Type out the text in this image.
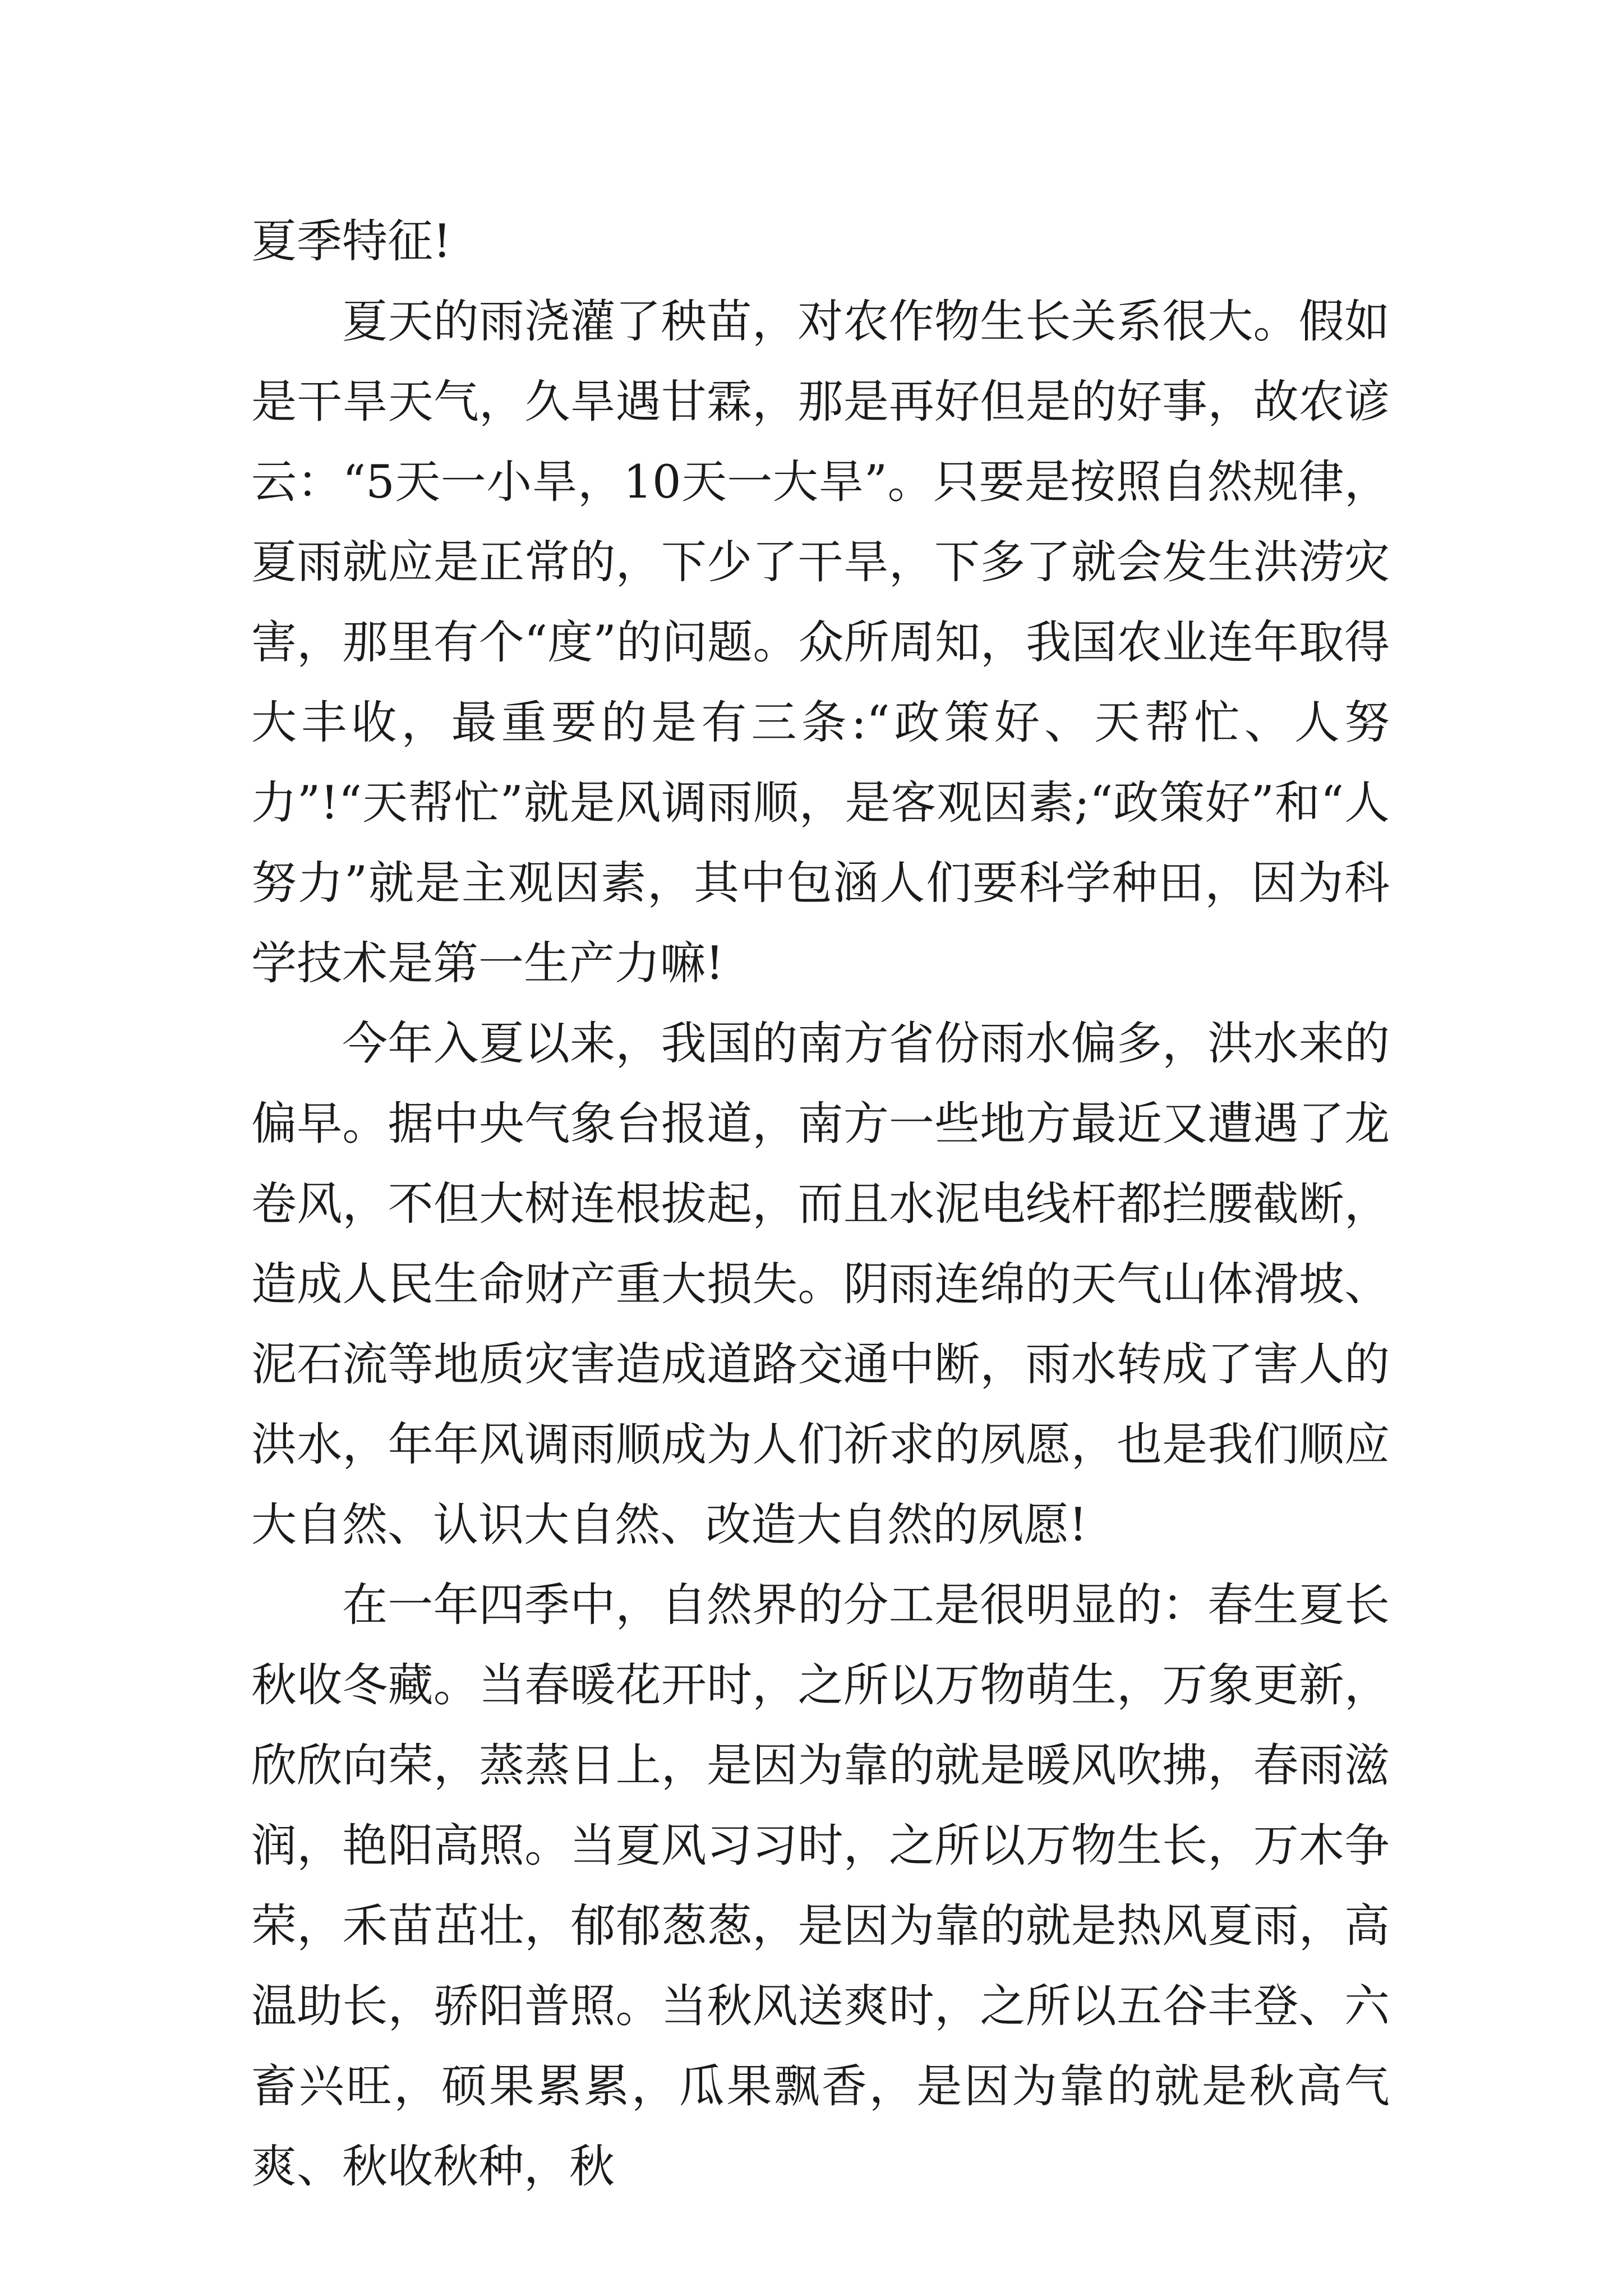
夏季特征!

夏天的雨浇灌了秧苗，对农作物生长关系很大。假如是干旱天气，久旱遇甘霖，那是再好但是的好事，故农谚云：“5天一小旱，10天一大旱”。只要是按照自然规律，夏雨就应是正常的，下少了干旱，下多了就会发生洪涝灾害，那里有个“度”的问题。众所周知，我国农业连年取得大丰收，最重要的是有三条:“政策好、天帮忙、人努力”!“天帮忙”就是风调雨顺，是客观因素;“政策好”和“人努力”就是主观因素，其中包涵人们要科学种田，因为科学技术是第一生产力嘛!

今年入夏以来，我国的南方省份雨水偏多，洪水来的偏早。据中央气象台报道，南方一些地方最近又遭遇了龙卷风，不但大树连根拔起，而且水泥电线杆都拦腰截断，造成人民生命财产重大损失。阴雨连绵的天气山体滑坡、泥石流等地质灾害造成道路交通中断，雨水转成了害人的洪水，年年风调雨顺成为人们祈求的夙愿，也是我们顺应大自然、认识大自然、改造大自然的夙愿!

在一年四季中，自然界的分工是很明显的：春生夏长秋收冬藏。当春暖花开时，之所以万物萌生，万象更新，欣欣向荣，蒸蒸日上，是因为靠的就是暖风吹拂，春雨滋润，艳阳高照。当夏风习习时，之所以万物生长，万木争荣，禾苗茁壮，郁郁葱葱，是因为靠的就是热风夏雨，高温助长，骄阳普照。当秋风送爽时，之所以五谷丰登、六畜兴旺，硕果累累，瓜果飘香，是因为靠的就是秋高气爽、秋收秋种，秋
